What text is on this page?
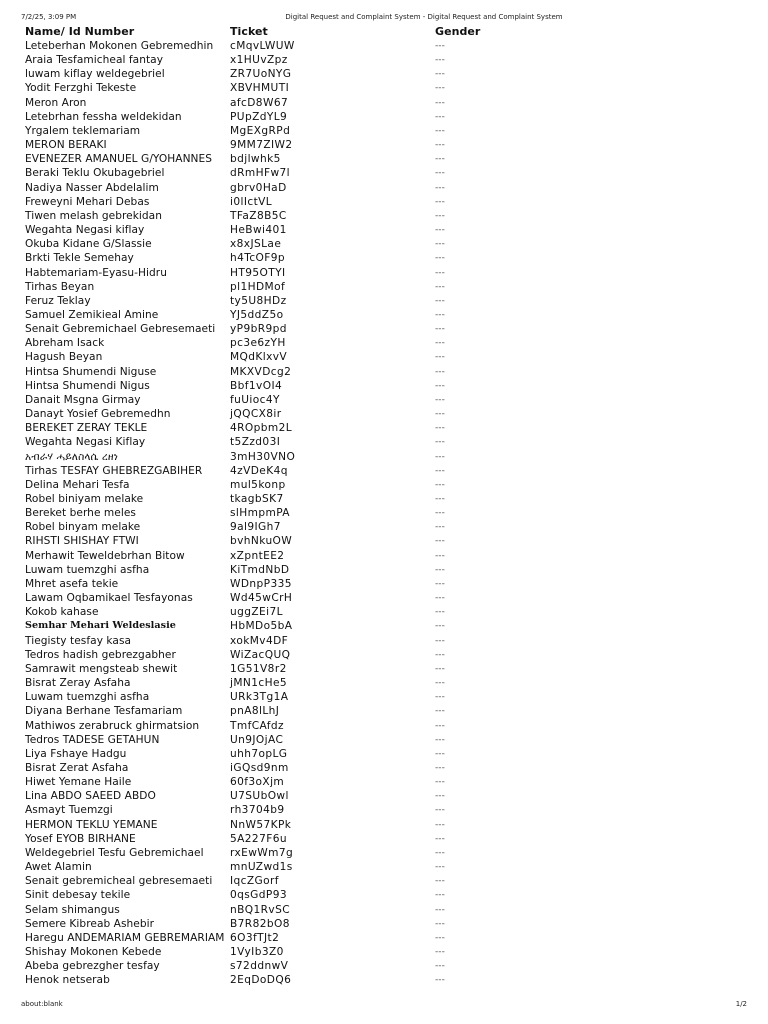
7/2/25, 3:09 PM	Digital Request and Complaint System - Digital Request and Complaint System
Name/ Id Number	Ticket	Gender
Leteberhan Mokonen Gebremedhin	cMqvLWUW	---
Araia Tesfamicheal fantay	x1HUvZpz	---
luwam kiflay weldegebriel	ZR7UoNYG	---
Yodit Ferzghi Tekeste	XBVHMUTI	---
Meron Aron	afcD8W67	---
Letebrhan fessha weldekidan	PUpZdYL9	---
Yrgalem teklemariam	MgEXgRPd	---
MERON BERAKI	9MM7ZIW2	---
EVENEZER AMANUEL G/YOHANNES	bdjlwhk5	---
Beraki Teklu Okubagebriel	dRmHFw7l	---
Nadiya Nasser Abdelalim	gbrv0HaD	---
Freweyni Mehari Debas	i0lIctVL	---
Tiwen melash gebrekidan	TFaZ8B5C	---
Wegahta Negasi kiflay	HeBwi401	---
Okuba Kidane G/Slassie	x8xJSLae	---
Brkti Tekle Semehay	h4TcOF9p	---
Habtemariam-Eyasu-Hidru	HT95OTYI	---
Tirhas Beyan	pl1HDMof	---
Feruz Teklay	ty5U8HDz	---
Samuel Zemikieal Amine	YJ5ddZ5o	---
Senait Gebremichael Gebresemaeti	yP9bR9pd	---
Abreham Isack	pc3e6zYH	---
Hagush Beyan	MQdKlxvV	---
Hintsa Shumendi Niguse	MKXVDcg2	---
Hintsa Shumendi Nigus	Bbf1vOI4	---
Danait Msgna Girmay	fuUioc4Y	---
Danayt Yosief Gebremedhn	jQQCX8ir	---
BEREKET ZERAY TEKLE	4ROpbm2L	---
Wegahta Negasi Kiflay	t5Zzd03I	---
አብራሃ ሓይለስላሴ ረዘነ	3mH30VNO	---
Tirhas TESFAY GHEBREZGABIHER	4zVDeK4q	---
Delina Mehari Tesfa	mul5konp	---
Robel biniyam melake	tkagbSK7	---
Bereket berhe meles	slHmpmPA	---
Robel binyam melake	9al9IGh7	---
RIHSTI SHISHAY FTWI	bvhNkuOW	---
Merhawit Teweldebrhan Bitow	xZpntEE2	---
Luwam tuemzghi asfha	KiTmdNbD	---
Mhret asefa tekie	WDnpP335	---
Lawam Oqbamikael Tesfayonas	Wd45wCrH	---
Kokob kahase	uggZEi7L	---
Semhar Mehari Weldeslasie	HbMDo5bA	---
Tiegisty tesfay kasa	xokMv4DF	---
Tedros hadish gebrezgabher	WiZacQUQ	---
Samrawit mengsteab shewit	1G51V8r2	---
Bisrat Zeray Asfaha	jMN1cHe5	---
Luwam tuemzghi asfha	URk3Tg1A	---
Diyana Berhane Tesfamariam	pnA8lLhJ	---
Mathiwos zerabruck ghirmatsion	TmfCAfdz	---
Tedros TADESE GETAHUN	Un9JOjAC	---
Liya Fshaye Hadgu	uhh7opLG	---
Bisrat Zerat Asfaha	iGQsd9nm	---
Hiwet Yemane Haile	60f3oXjm	---
Lina ABDO SAEED ABDO	U7SUbOwl	---
Asmayt Tuemzgi	rh3704b9	---
HERMON TEKLU YEMANE	NnW57KPk	---
Yosef EYOB BIRHANE	5A227F6u	---
Weldegebriel Tesfu Gebremichael	rxEwWm7g	---
Awet Alamin	mnUZwd1s	---
Senait gebremicheal gebresemaeti	IqcZGorf	---
Sinit debesay tekile	0qsGdP93	---
Selam shimangus	nBQ1RvSC	---
Semere Kibreab Ashebir	B7R82bO8	---
Haregu ANDEMARIAM GEBREMARIAM	6O3fTJt2	---
Shishay Mokonen Kebede	1VyIb3Z0	---
Abeba gebrezgher tesfay	s72ddnwV	---
Henok netserab	2EqDoDQ6	---
about:blank	1/2
